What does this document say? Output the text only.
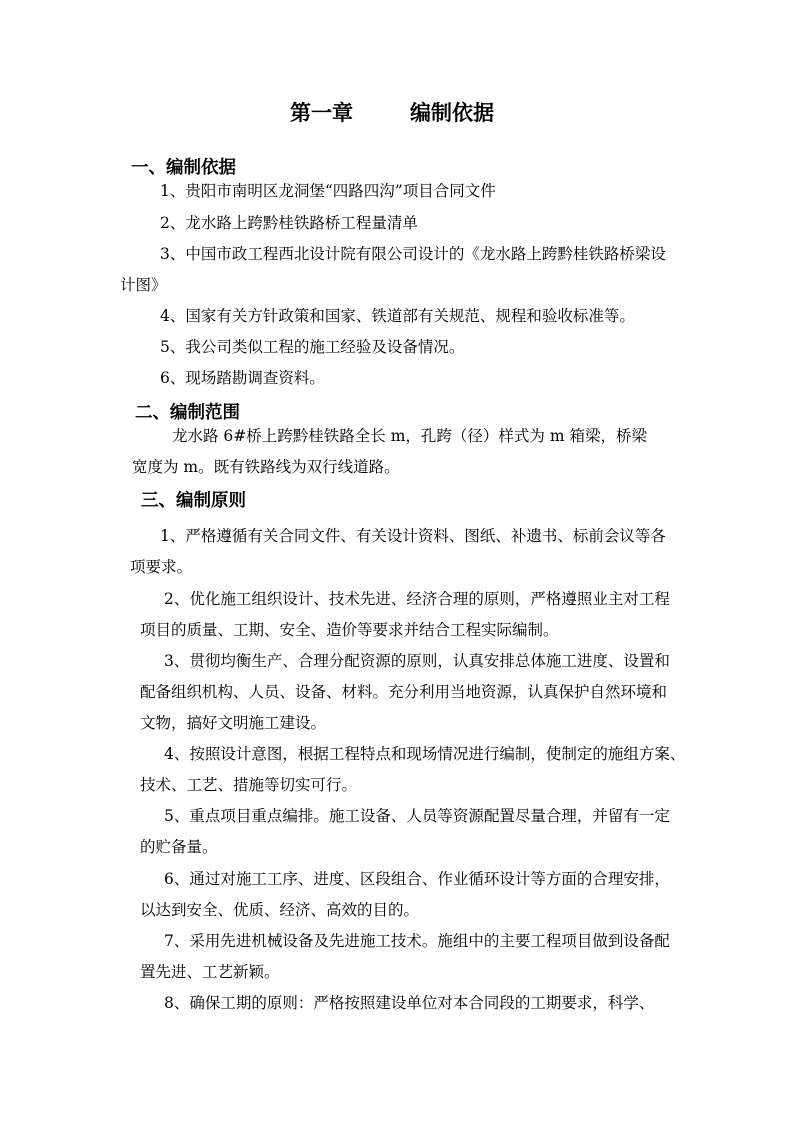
第一章	编制依据
一、编制依据
1、贵阳市南明区龙洞堡“四路四沟”项目合同文件
2、龙水路上跨黔桂铁路桥工程量清单
3、中国市政工程西北设计院有限公司设计的《龙水路上跨黔桂铁路桥梁设
计图》
4、国家有关方针政策和国家、铁道部有关规范、规程和验收标准等。
5、我公司类似工程的施工经验及设备情况。
6、现场踏勘调查资料。
二、编制范围
龙水路 6#桥上跨黔桂铁路全长 m，孔跨（径）样式为 m 箱梁，桥梁
宽度为 m。既有铁路线为双行线道路。
三、编制原则
1、严格遵循有关合同文件、有关设计资料、图纸、补遗书、标前会议等各
项要求。
2、优化施工组织设计、技术先进、经济合理的原则，严格遵照业主对工程
项目的质量、工期、安全、造价等要求并结合工程实际编制。
3、贯彻均衡生产、合理分配资源的原则，认真安排总体施工进度、设置和
配备组织机构、人员、设备、材料。充分利用当地资源，认真保护自然环境和
文物，搞好文明施工建设。
4、按照设计意图，根据工程特点和现场情况进行编制，使制定的施组方案、
技术、工艺、措施等切实可行。
5、重点项目重点编排。施工设备、人员等资源配置尽量合理，并留有一定
的贮备量。
6、通过对施工工序、进度、区段组合、作业循环设计等方面的合理安排，
以达到安全、优质、经济、高效的目的。
7、采用先进机械设备及先进施工技术。施组中的主要工程项目做到设备配
置先进、工艺新颖。
8、确保工期的原则：严格按照建设单位对本合同段的工期要求，科学、
